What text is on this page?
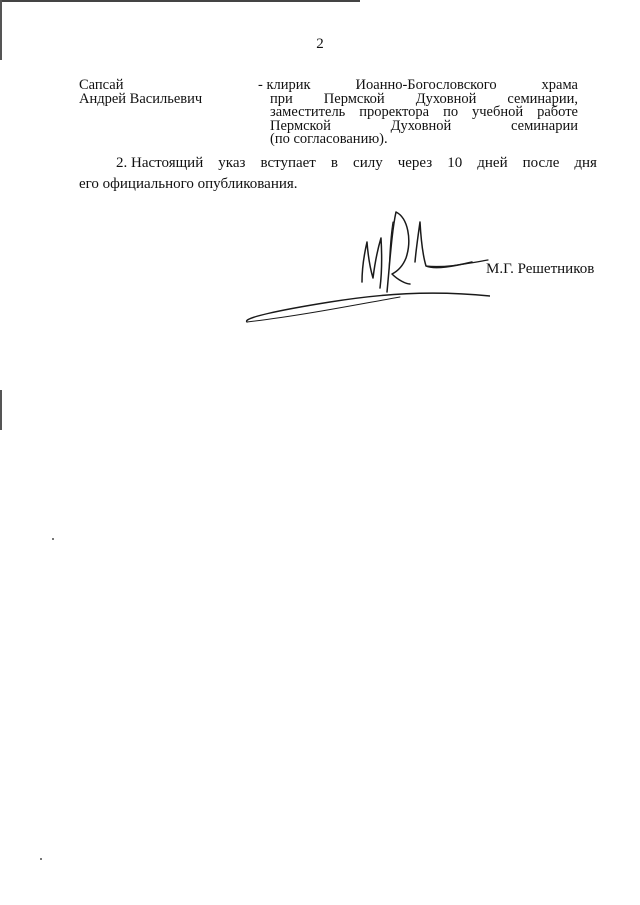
2
Сапсай
Андрей Васильевич
- клирик	Иоанно-Богословского	храма
при Пермской Духовной семинарии,
заместитель проректора по учебной работе
Пермской	Духовной	семинарии
(по согласованию).
2. Настоящий указ вступает в силу через 10 дней после дня
его официального опубликования.
М.Г. Решетников
